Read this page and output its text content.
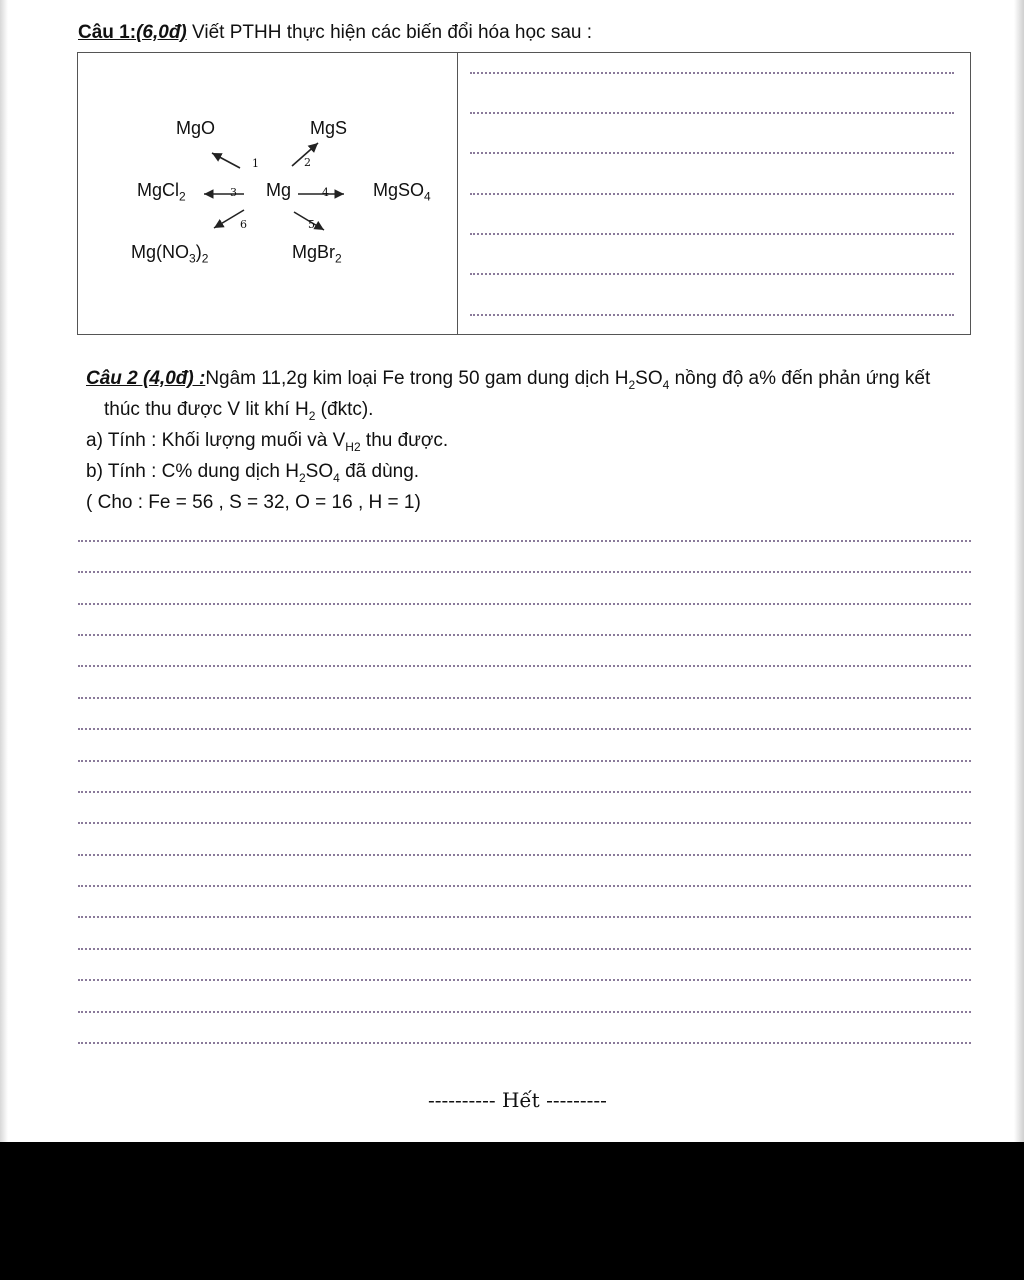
Câu 1:(6,0đ) Viết PTHH thực hiện các biến đổi hóa học sau :
MgO	MgS
MgCl$_2$	Mg	MgSO$_4$
$Mg(NO_3)_2$	MgBr$_2$
1	2
3	4
5
6
Câu 2 (4,0đ) :Ngâm 11,2g kim loại Fe trong 50 gam dung dịch $H_2SO_4$ nồng độ a% đến phản ứng kết
thúc thu được V lit khí $H_2$ (đktc).
a) Tính : Khối lượng muối và $V_{H2}$ thu được.
b) Tính : C% dung dịch $H_2SO_4$ đã dùng.
( Cho : Fe = 56 , S = 32, O = 16 , H = 1)
---------- Hết ---------
